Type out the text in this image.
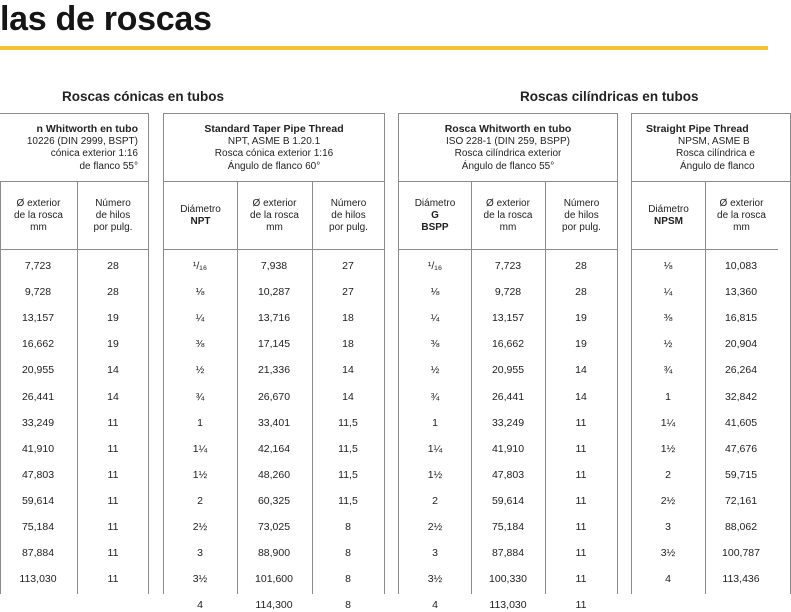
las de roscas
Roscas cónicas en tubos	Roscas cilíndricas en tubos
n Whitworth en tubo
10226 (DIN 2999, BSPT)
cónica exterior 1:16
de flanco 55°
Ø exterior
de la rosca
mm
Número
de hilos
por pulg.
7,723	28
9,728	28
13,157	19
16,662	19
20,955	14
26,441	14
33,249	11
41,910	11
47,803	11
59,614	11
75,184	11
87,884	11
113,030	11
Standard Taper Pipe Thread
NPT, ASME B 1.20.1
Rosca cónica exterior 1:16
Ángulo de flanco 60°
Diámetro
NPT
Ø exterior
de la rosca
mm
Número
de hilos
por pulg.
¹/₁₆	7,938	27
⅛	10,287	27
¼	13,716	18
⅜	17,145	18
½	21,336	14
¾	26,670	14
1	33,401	11,5
1¼	42,164	11,5
1½	48,260	11,5
2	60,325	11,5
2½	73,025	8
3	88,900	8
3½	101,600	8
4	114,300	8
Rosca Whitworth en tubo
ISO 228-1 (DIN 259, BSPP)
Rosca cilíndrica exterior
Ángulo de flanco 55°
Diámetro
G
BSPP
Ø exterior
de la rosca
mm
Número
de hilos
por pulg.
¹/₁₆	7,723	28
⅛	9,728	28
¼	13,157	19
⅜	16,662	19
½	20,955	14
¾	26,441	14
1	33,249	11
1¼	41,910	11
1½	47,803	11
2	59,614	11
2½	75,184	11
3	87,884	11
3½	100,330	11
4	113,030	11
Straight Pipe Thread
NPSM, ASME B
Rosca cilíndrica e
Ángulo de flanco
Diámetro
NPSM
Ø exterior
de la rosca
mm
⅛	10,083
¼	13,360
⅜	16,815
½	20,904
¾	26,264
1	32,842
1¼	41,605
1½	47,676
2	59,715
2½	72,161
3	88,062
3½	100,787
4	113,436
